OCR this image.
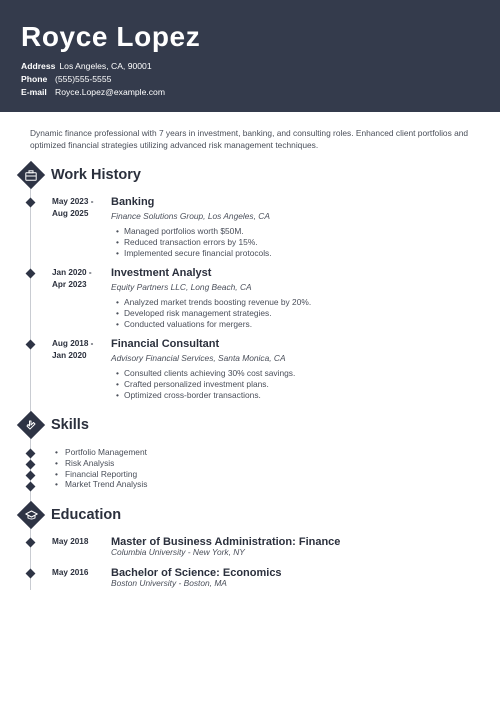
Royce Lopez
Address Los Angeles, CA, 90001
Phone (555)555-5555
E-mail Royce.Lopez@example.com
Dynamic finance professional with 7 years in investment, banking, and consulting roles. Enhanced client portfolios and optimized financial strategies utilizing advanced risk management techniques.
Work History
May 2023 -
Aug 2025
Banking
Finance Solutions Group, Los Angeles, CA
• Managed portfolios worth $50M.
• Reduced transaction errors by 15%.
• Implemented secure financial protocols.
Jan 2020 -
Apr 2023
Investment Analyst
Equity Partners LLC, Long Beach, CA
• Analyzed market trends boosting revenue by 20%.
• Developed risk management strategies.
• Conducted valuations for mergers.
Aug 2018 -
Jan 2020
Financial Consultant
Advisory Financial Services, Santa Monica, CA
• Consulted clients achieving 30% cost savings.
• Crafted personalized investment plans.
• Optimized cross-border transactions.
Skills
• Portfolio Management
• Risk Analysis
• Financial Reporting
• Market Trend Analysis
Education
May 2018	Master of Business Administration: Finance
Columbia University - New York, NY
May 2016	Bachelor of Science: Economics
Boston University - Boston, MA
